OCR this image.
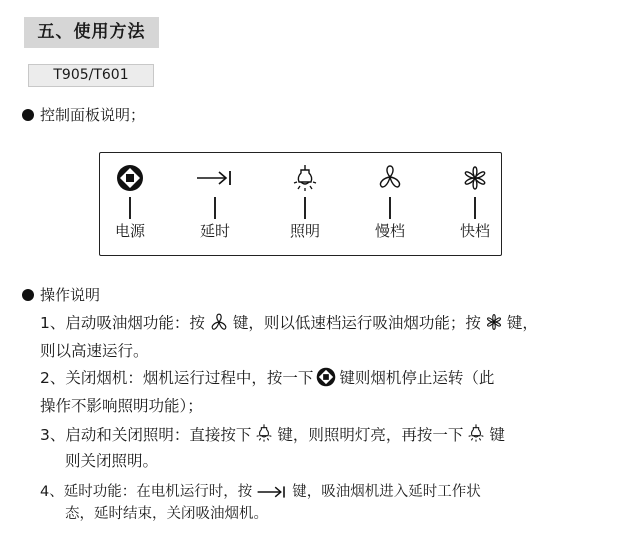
五、使用方法
T905/T601
控制面板说明；
电源	延时	照明	慢档	快档
操作说明
1、启动吸油烟功能：按 键，则以低速档运行吸油烟功能；按 键，
则以高速运行。
2、关闭烟机：烟机运行过程中，按一下 键则烟机停止运转（此
操作不影响照明功能）；
3、启动和关闭照明：直接按下 键，则照明灯亮，再按一下 键
则关闭照明。
4、延时功能：在电机运行时，按	键，吸油烟机进入延时工作状
态，延时结束，关闭吸油烟机。
